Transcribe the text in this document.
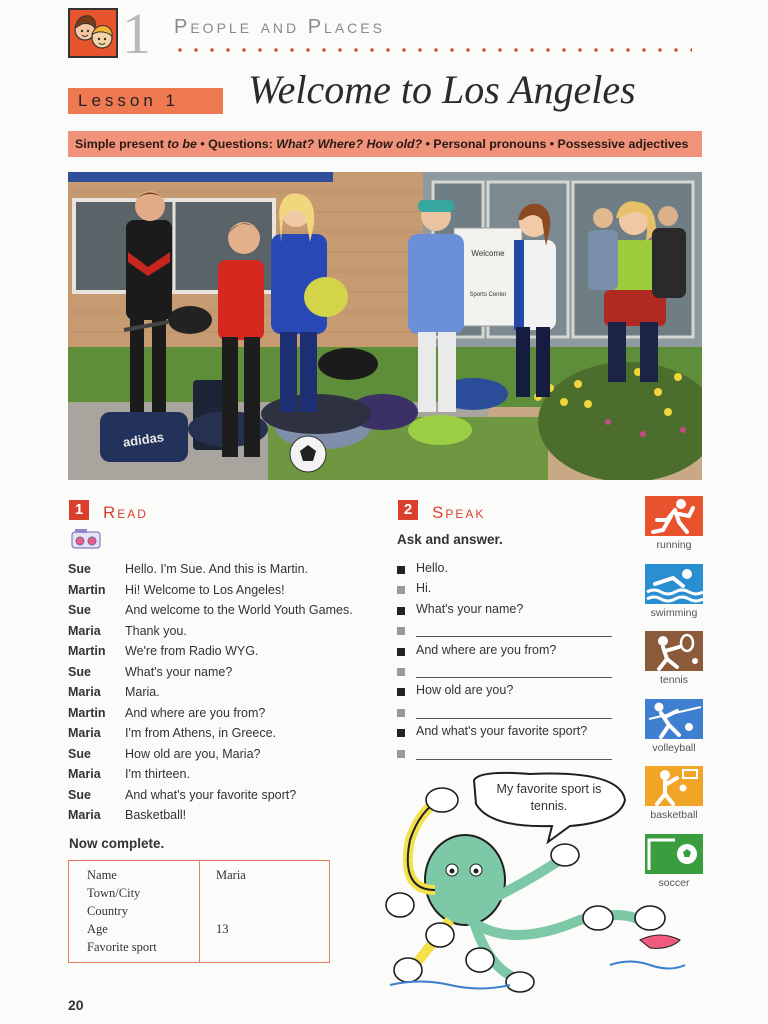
1 People and Places
Lesson 1	Welcome to Los Angeles
Simple present to be • Questions: What? Where? How old? • Personal pronouns • Possessive adjectives
Welcome
Sports Center
adidas
1	Read
Sue	Hello. I'm Sue. And this is Martin.
Martin Hi! Welcome to Los Angeles!
Sue	And welcome to the World Youth Games.
Maria Thank you.
Martin We're from Radio WYG.
Sue	What's your name?
Maria Maria.
Martin And where are you from?
Maria I'm from Athens, in Greece.
Sue	How old are you, Maria?
Maria I'm thirteen.
Sue	And what's your favorite sport?
Maria Basketball!
Now complete.
Name	Maria
Town/City
Country
Age	13
Favorite sport
2	Speak
Ask and answer.
Hello.
Hi.
What's your name?
And where are you from?
How old are you?
And what's your favorite sport?
My favorite sport is tennis.
running
swimming
tennis
volleyball
basketball
soccer
20
